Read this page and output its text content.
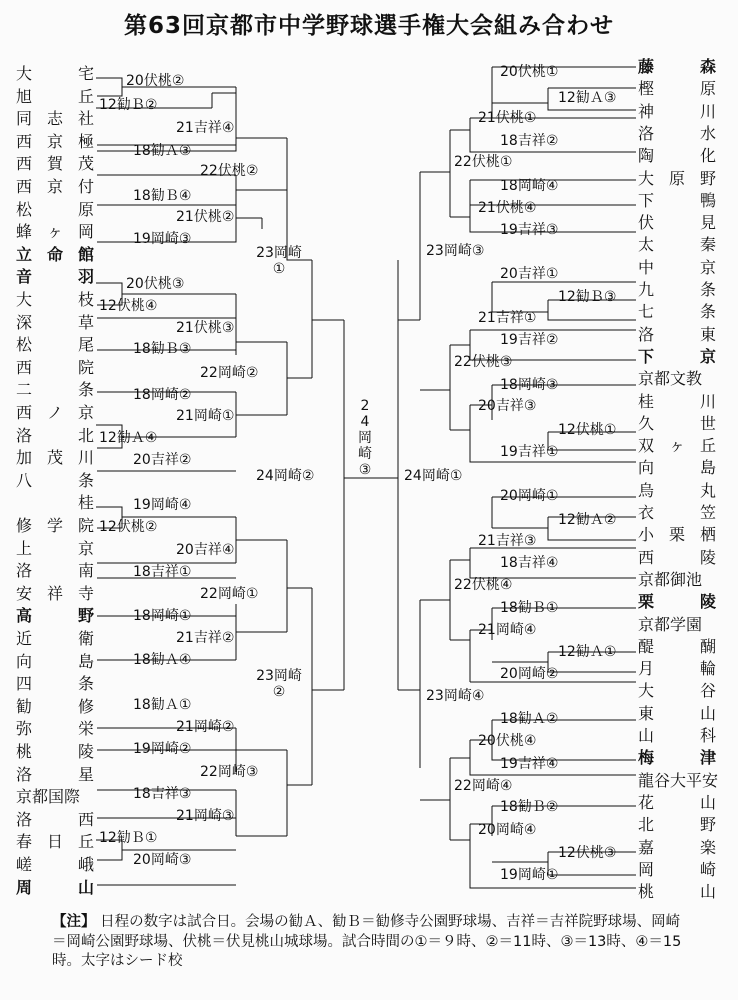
第63回京都市中学野球選手権大会組み合わせ
大	宅
旭	丘
同 志 社
西 京 極
西 賀 茂
西 京 付
松	原
蜂 ヶ 岡
立 命 館
音	羽
大	枝
深	草
松	尾
西	院
二	条
西 ノ 京
洛	北
加 茂 川
八	条
桂
修 学 院
上	京
洛	南
安 祥 寺
高	野
近	衛
向	島
四	条
勧	修
弥	栄
桃	陵
洛	星
京都国際
洛	西
春 日 丘
嵯	峨
周	山
藤	森
樫	原
神	川
洛	水
陶	化
大 原 野
下	鴨
伏	見
太	秦
中	京
九	条
七	条
洛	東
下	京
京都文教
桂	川
久	世
双 ヶ 丘
向	島
烏	丸
衣	笠
小 栗 栖
西	陵
京都御池
栗	陵
京都学園
醍	醐
月	輪
大	谷
東	山
山	科
梅	津
龍谷大平安
花	山
北	野
嘉	楽
岡	崎
桃	山
20伏桃②
12勧Ｂ②
21吉祥④
18勧Ａ③
22伏桃②
18勧Ｂ④
21伏桃②
19岡崎③
20伏桃③
12伏桃④
21伏桃③
18勧Ｂ③
22岡崎②
18岡崎②
21岡崎①
12勧Ａ④
20吉祥②
19岡崎④
12伏桃②
20吉祥④
18吉祥①
22岡崎①
18岡崎①
21吉祥②
18勧Ａ④
18勧Ａ①
21岡崎②
19岡崎②
22岡崎③
18吉祥③
21岡崎③
12勧Ｂ①
20岡崎③
24岡崎②
23岡崎
①
23岡崎
②
2
4
岡
崎
③
20伏桃①
12勧Ａ③
21伏桃①
18吉祥②
22伏桃①
18岡崎④
21伏桃④
19吉祥③
23岡崎③
20吉祥①
12勧Ｂ③
21吉祥①
19吉祥②
22伏桃③
18岡崎③
20吉祥③
12伏桃①
19吉祥①
24岡崎①
20岡崎①
12勧Ａ②
21吉祥③
18吉祥④
22伏桃④
18勧Ｂ①
21岡崎④
12勧Ａ①
20岡崎②
23岡崎④
18勧Ａ②
20伏桃④
19吉祥④
22岡崎④
18勧Ｂ②
20岡崎④
12伏桃③
19岡崎①
【注】 日程の数字は試合日。会場の勧Ａ、勧Ｂ＝勧修寺公園野球場、吉祥＝吉祥院野球場、岡崎＝岡崎公園野球場、伏桃＝伏見桃山城球場。試合時間の①＝９時、②＝11時、③＝13時、④＝15時。太字はシード校
